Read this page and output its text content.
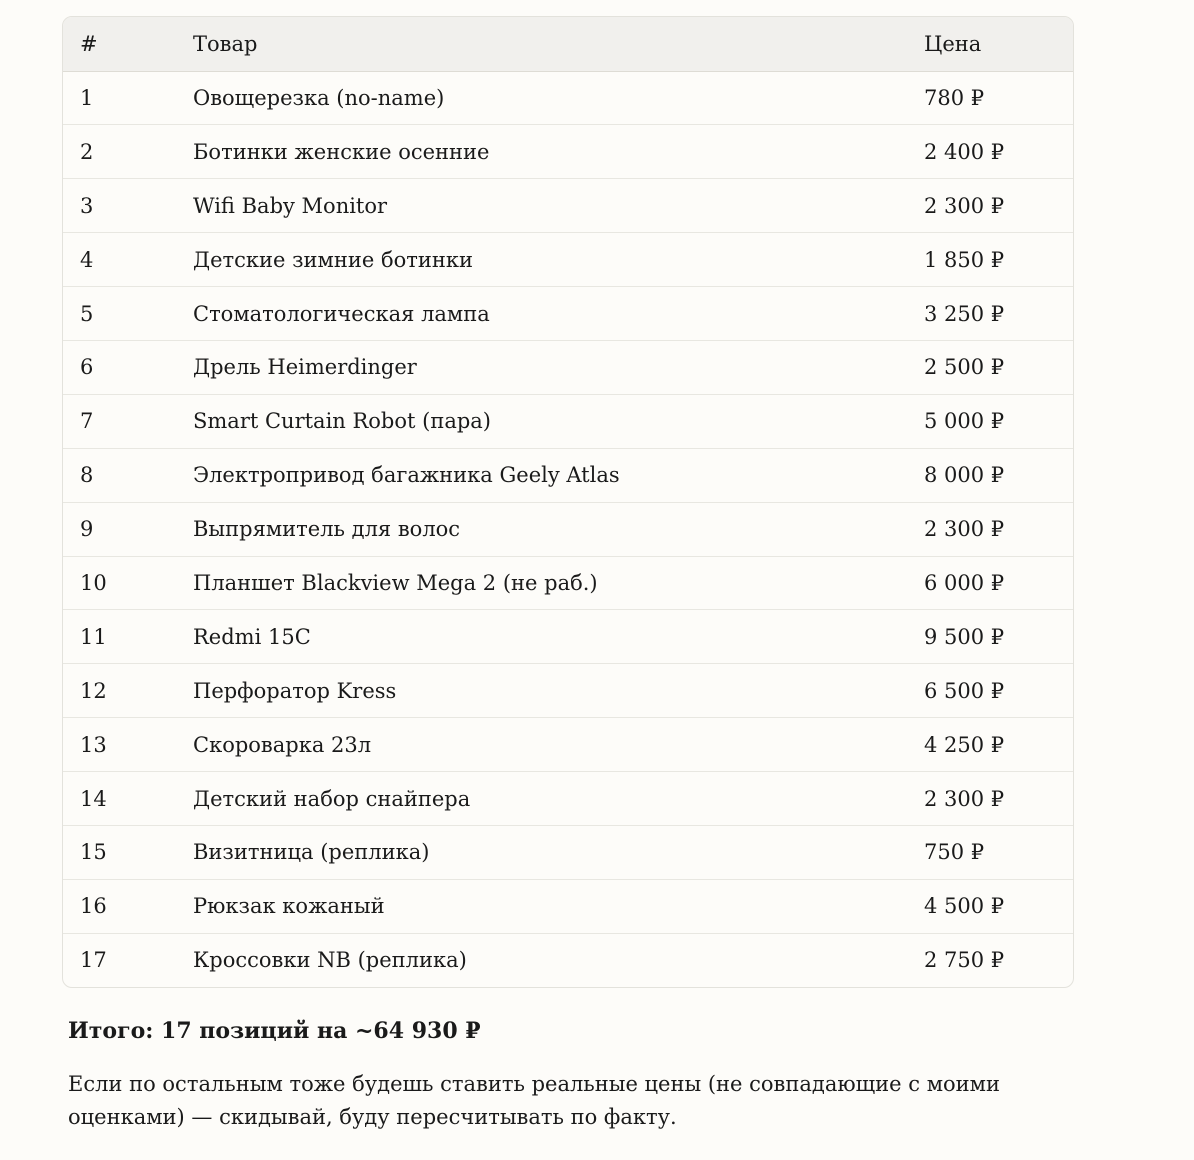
#	Товар	Цена
1	Овощерезка (no-name)	780 ₽
2	Ботинки женские осенние	2 400 ₽
3	Wifi Baby Monitor	2 300 ₽
4	Детские зимние ботинки	1 850 ₽
5	Стоматологическая лампа	3 250 ₽
6	Дрель Heimerdinger	2 500 ₽
7	Smart Curtain Robot (пара)	5 000 ₽
8	Электропривод багажника Geely Atlas	8 000 ₽
9	Выпрямитель для волос	2 300 ₽
10	Планшет Blackview Mega 2 (не раб.)	6 000 ₽
11	Redmi 15C	9 500 ₽
12	Перфоратор Kress	6 500 ₽
13	Скороварка 23л	4 250 ₽
14	Детский набор снайпера	2 300 ₽
15	Визитница (реплика)	750 ₽
16	Рюкзак кожаный	4 500 ₽
17	Кроссовки NB (реплика)	2 750 ₽

Итого: 17 позиций на ~64 930 ₽

Если по остальным тоже будешь ставить реальные цены (не совпадающие с моими оценками) — скидывай, буду пересчитывать по факту.
